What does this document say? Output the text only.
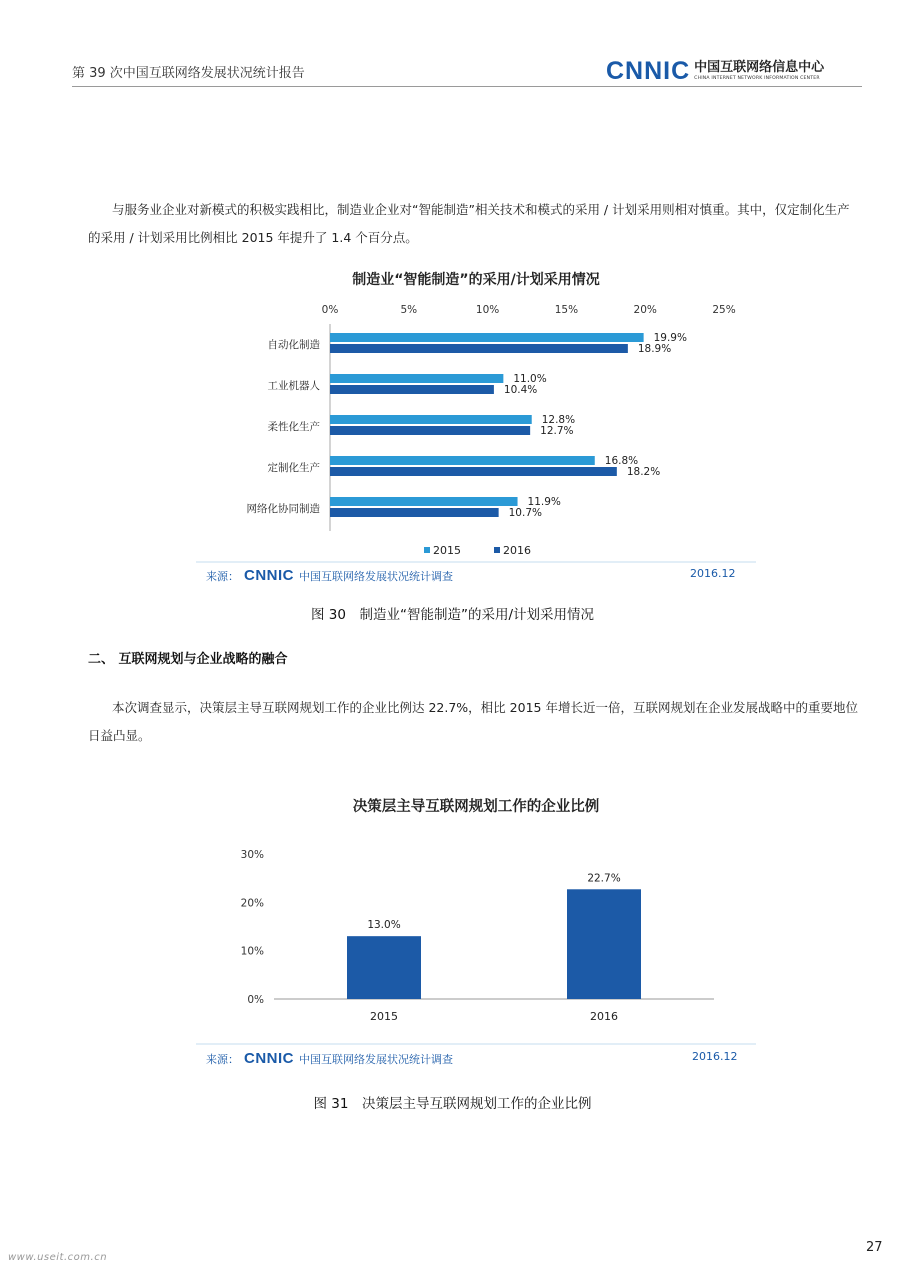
第 39 次中国互联网络发展状况统计报告	CNNIC 中国互联网络信息中心
CHINA INTERNET NETWORK INFORMATION CENTER

与服务业企业对新模式的积极实践相比，制造业企业对“智能制造”相关技术和模式的采用 / 计划采用则相对慎重。其中，仅定制化生产的采用 / 计划采用比例相比 2015 年提升了 1.4 个百分点。

制造业“智能制造”的采用/计划采用情况
0%	5%	10%	15%	20%	25%
自动化制造
19.9%
18.9%
工业机器人
11.0%
10.4%
柔性化生产
12.8%
12.7%
定制化生产
16.8%
18.2%
网络化协同制造
11.9%
10.7%
2015	2016
来源： CNNIC 中国互联网络发展状况统计调查	2016.12
图 30　制造业“智能制造”的采用/计划采用情况
二、 互联网规划与企业战略的融合

本次调查显示，决策层主导互联网规划工作的企业比例达 22.7%，相比 2015 年增长近一倍，互联网规划在企业发展战略中的重要地位日益凸显。

决策层主导互联网规划工作的企业比例
0%
10%
20%
30%
13.0%
2015
22.7%
2016
来源： CNNIC 中国互联网络发展状况统计调查	2016.12
图 31　决策层主导互联网规划工作的企业比例
27
www.useit.com.cn
